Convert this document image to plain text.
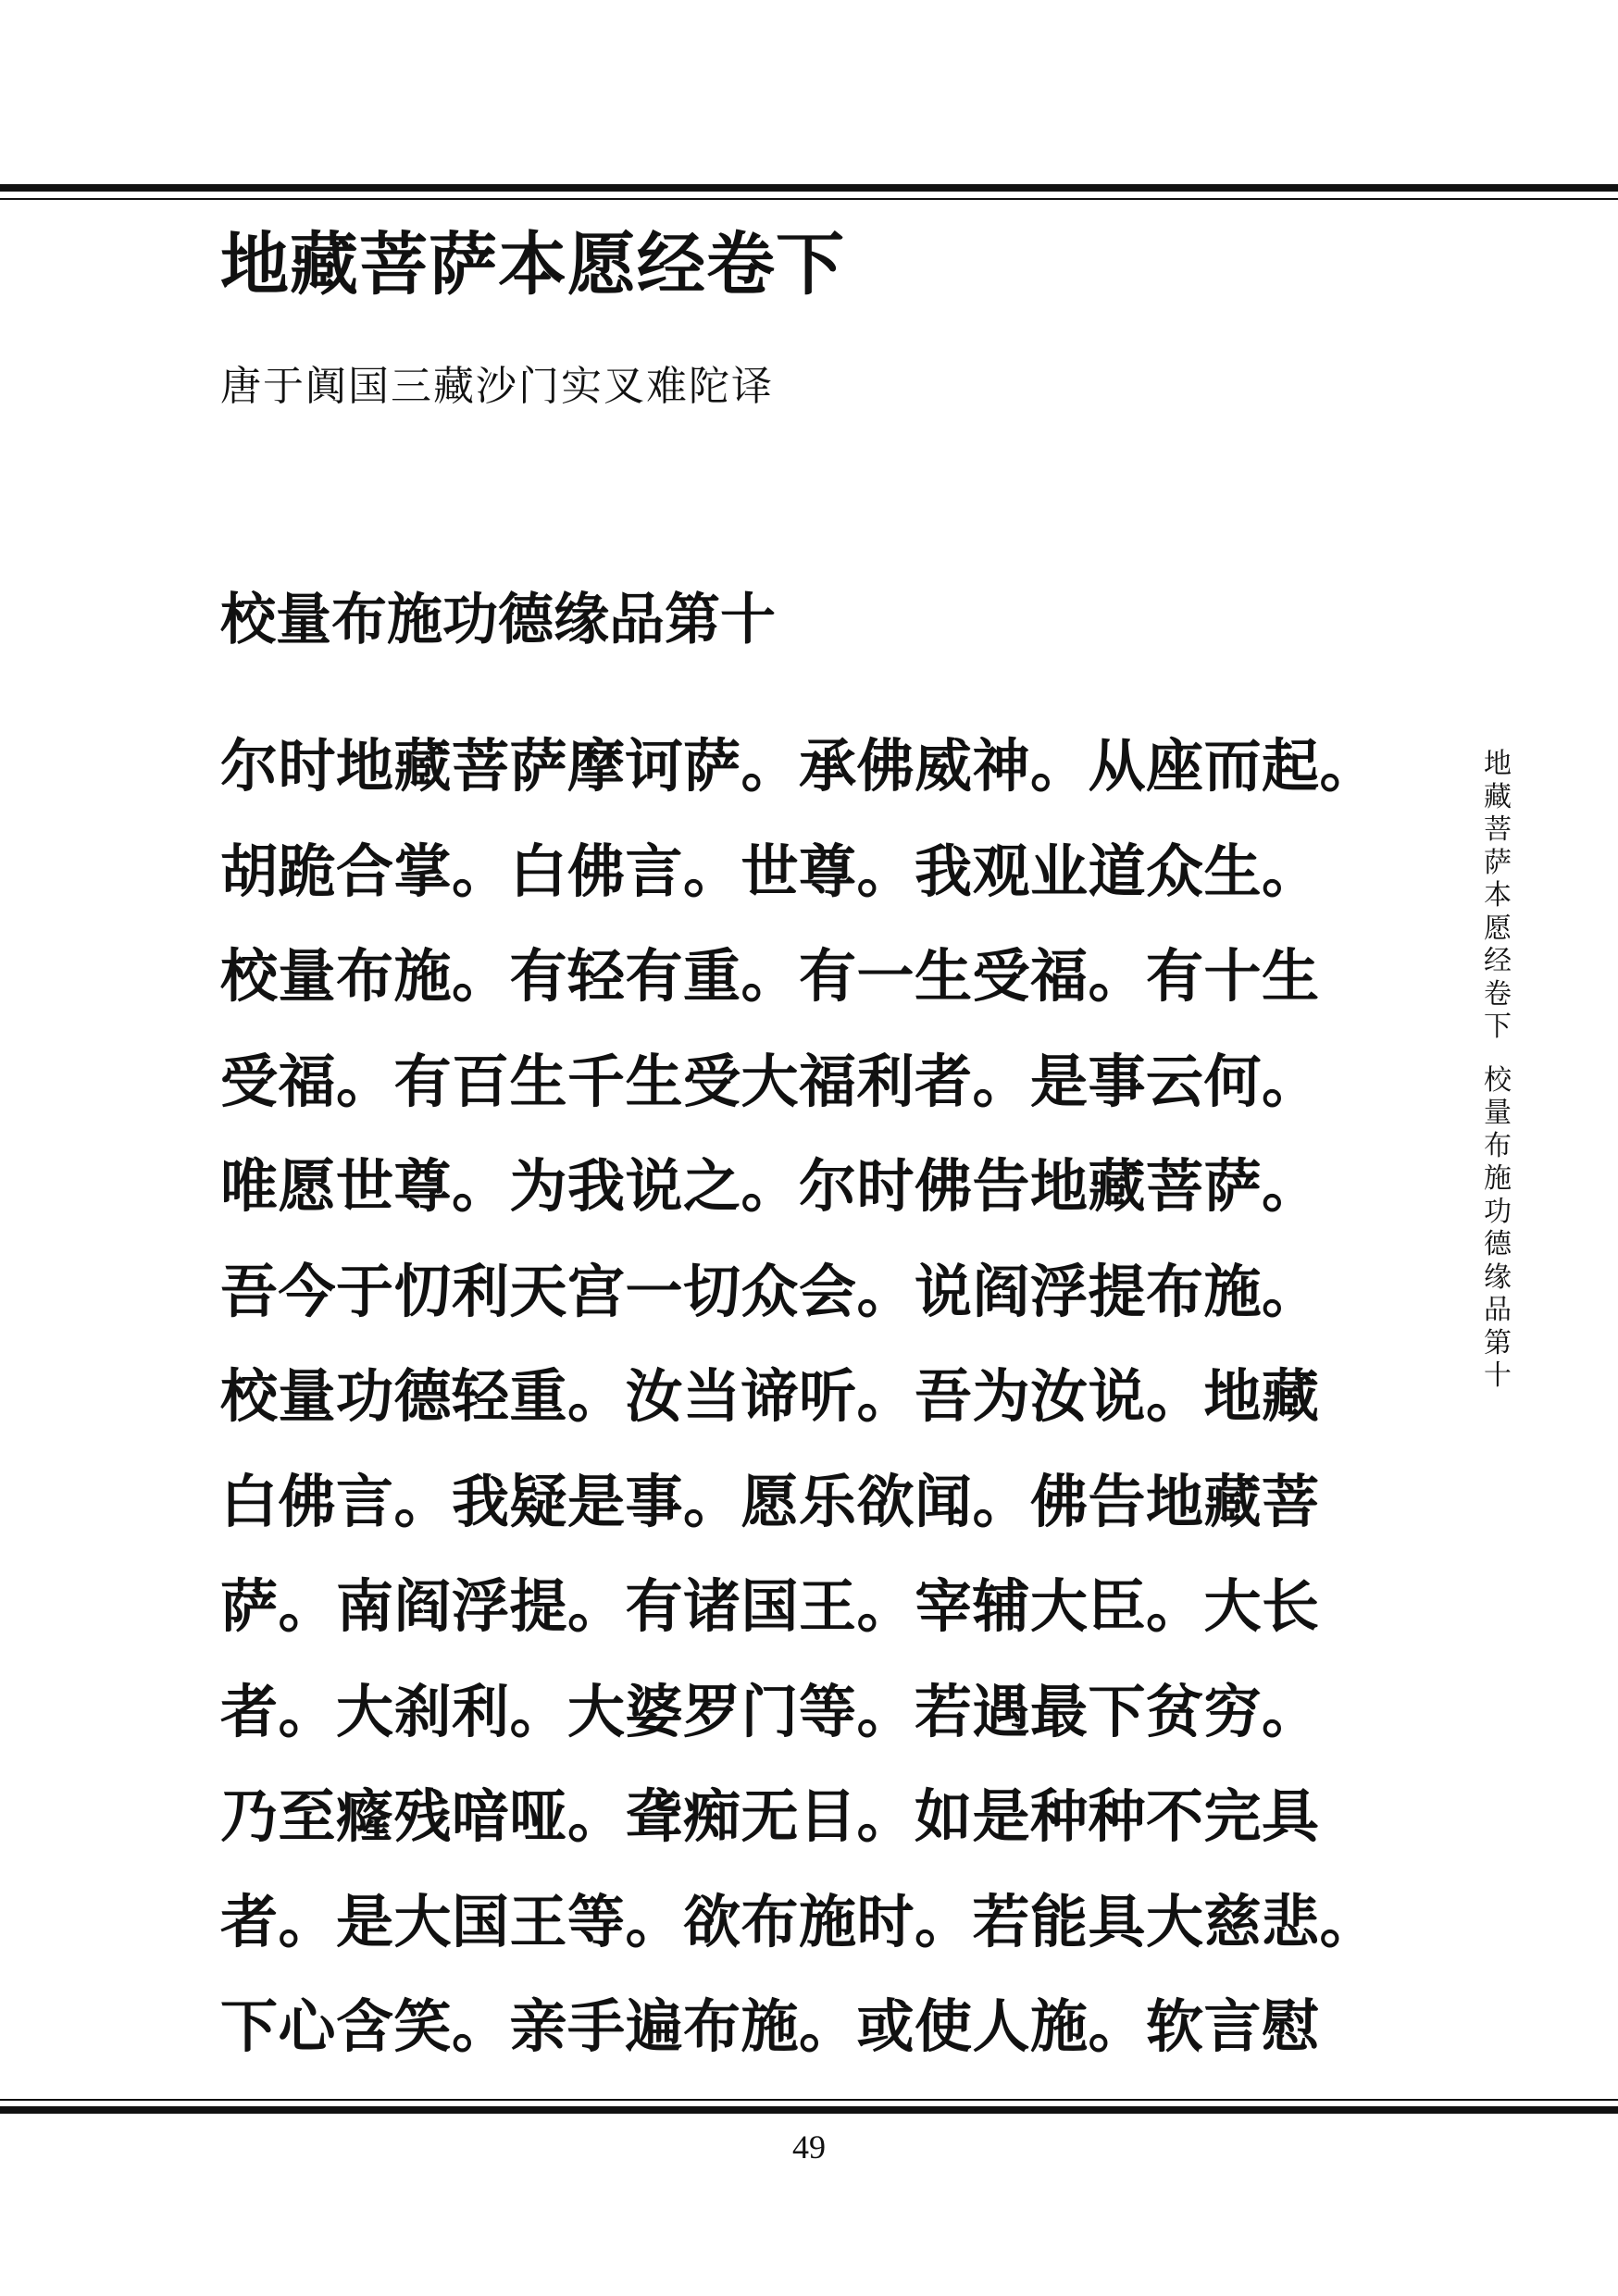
地藏菩萨本愿经卷下
唐于阗国三藏沙门实叉难陀译
校量布施功德缘品第十
尔时地藏菩萨摩诃萨。承佛威神。从座而起。
胡跪合掌。白佛言。世尊。我观业道众生。
校量布施。有轻有重。有一生受福。有十生
受福。有百生千生受大福利者。是事云何。
唯愿世尊。为我说之。尔时佛告地藏菩萨。
吾今于忉利天宫一切众会。说阎浮提布施。
校量功德轻重。汝当谛听。吾为汝说。地藏
白佛言。我疑是事。愿乐欲闻。佛告地藏菩
萨。南阎浮提。有诸国王。宰辅大臣。大长
者。大刹利。大婆罗门等。若遇最下贫穷。
乃至癃残喑哑。聋痴无目。如是种种不完具
者。是大国王等。欲布施时。若能具大慈悲。
下心含笑。亲手遍布施。或使人施。软言慰
地
藏
菩
萨
本
愿
经
卷
下
校
量
布
施
功
德
缘
品
第
十
49
